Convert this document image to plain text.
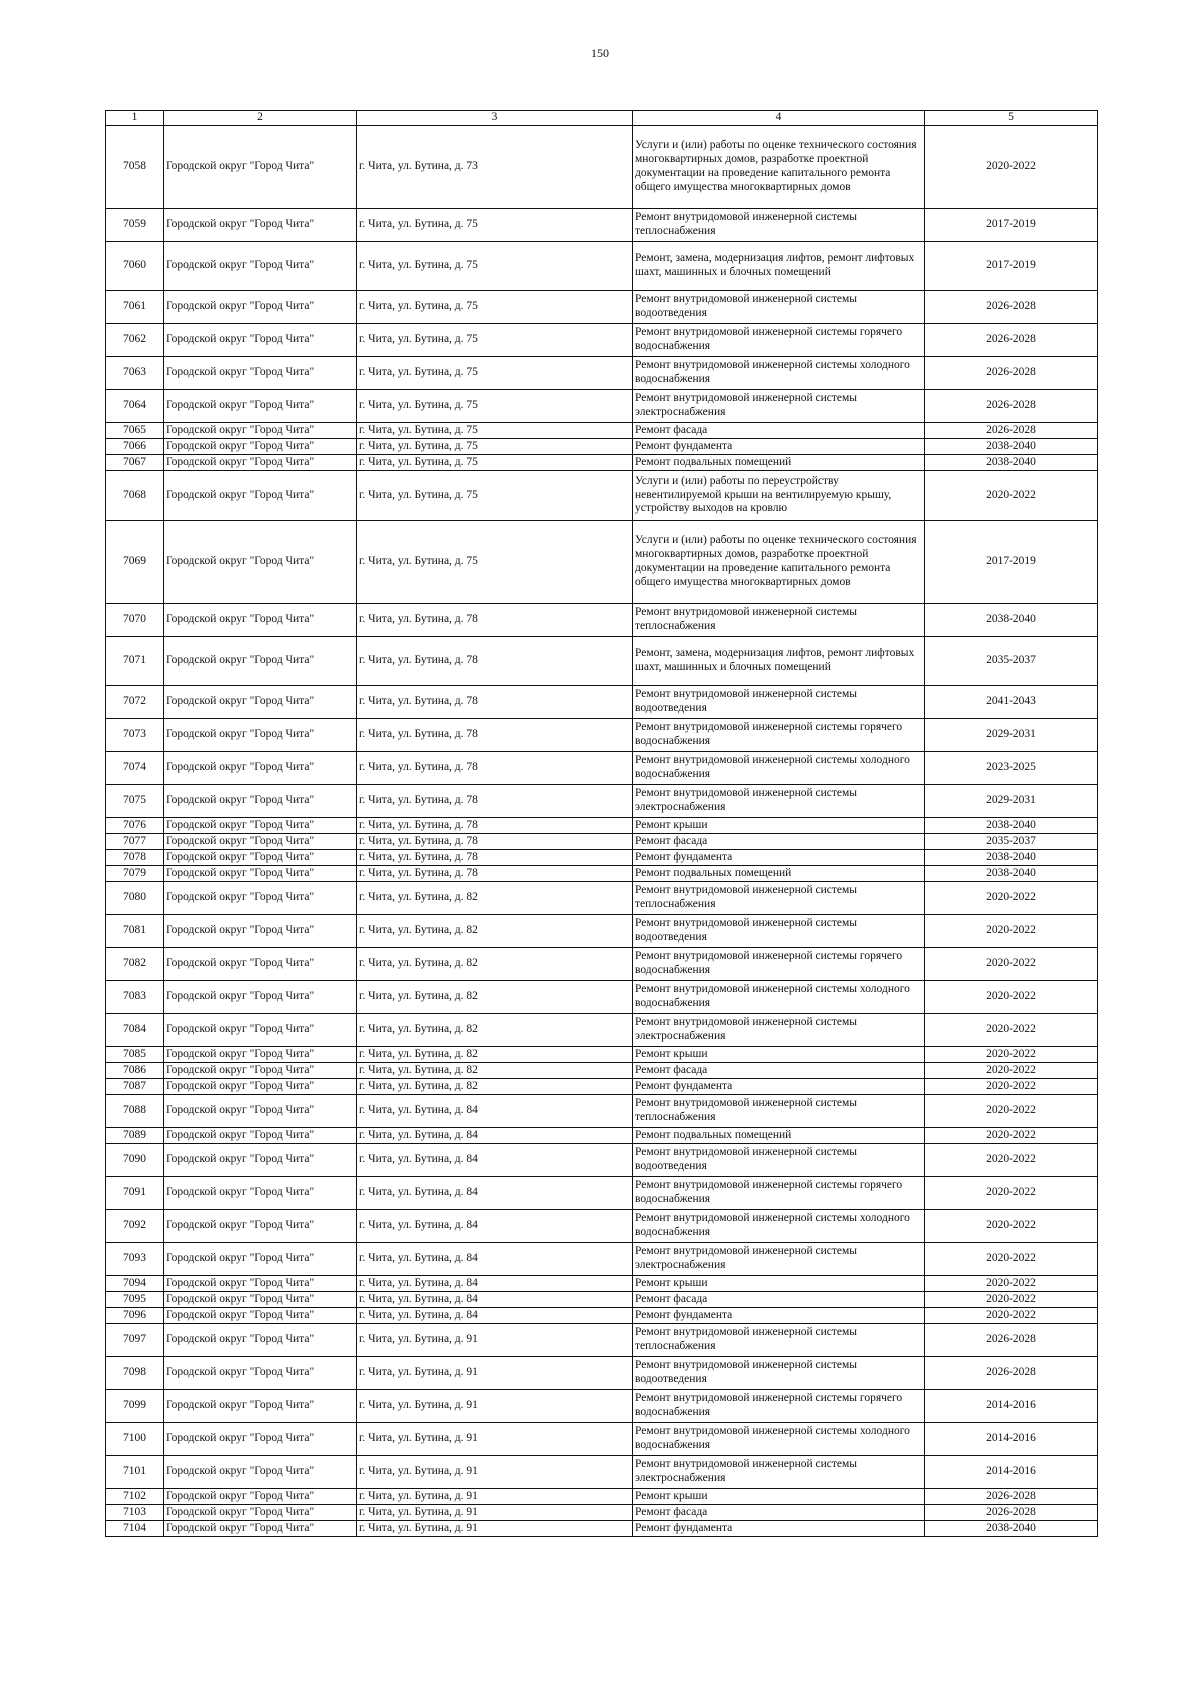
150
1	2	3	4	5
7058	Городской округ "Город Чита"	г. Чита, ул. Бутина, д. 73	Услуги и (или) работы по оценке технического состояния многоквартирных домов, разработке проектной документации на проведение капитального ремонта общего имущества многоквартирных домов	2020-2022
7059	Городской округ "Город Чита"	г. Чита, ул. Бутина, д. 75	Ремонт внутридомовой инженерной системы теплоснабжения	2017-2019
7060	Городской округ "Город Чита"	г. Чита, ул. Бутина, д. 75	Ремонт, замена, модернизация лифтов, ремонт лифтовых шахт, машинных и блочных помещений	2017-2019
7061	Городской округ "Город Чита"	г. Чита, ул. Бутина, д. 75	Ремонт внутридомовой инженерной системы водоотведения	2026-2028
7062	Городской округ "Город Чита"	г. Чита, ул. Бутина, д. 75	Ремонт внутридомовой инженерной системы горячего водоснабжения	2026-2028
7063	Городской округ "Город Чита"	г. Чита, ул. Бутина, д. 75	Ремонт внутридомовой инженерной системы холодного водоснабжения	2026-2028
7064	Городской округ "Город Чита"	г. Чита, ул. Бутина, д. 75	Ремонт внутридомовой инженерной системы электроснабжения	2026-2028
7065	Городской округ "Город Чита"	г. Чита, ул. Бутина, д. 75	Ремонт фасада	2026-2028
7066	Городской округ "Город Чита"	г. Чита, ул. Бутина, д. 75	Ремонт фундамента	2038-2040
7067	Городской округ "Город Чита"	г. Чита, ул. Бутина, д. 75	Ремонт подвальных помещений	2038-2040
7068	Городской округ "Город Чита"	г. Чита, ул. Бутина, д. 75	Услуги и (или) работы по переустройству невентилируемой крыши на вентилируемую крышу, устройству выходов на кровлю	2020-2022
7069	Городской округ "Город Чита"	г. Чита, ул. Бутина, д. 75	Услуги и (или) работы по оценке технического состояния многоквартирных домов, разработке проектной документации на проведение капитального ремонта общего имущества многоквартирных домов	2017-2019
7070	Городской округ "Город Чита"	г. Чита, ул. Бутина, д. 78	Ремонт внутридомовой инженерной системы теплоснабжения	2038-2040
7071	Городской округ "Город Чита"	г. Чита, ул. Бутина, д. 78	Ремонт, замена, модернизация лифтов, ремонт лифтовых шахт, машинных и блочных помещений	2035-2037
7072	Городской округ "Город Чита"	г. Чита, ул. Бутина, д. 78	Ремонт внутридомовой инженерной системы водоотведения	2041-2043
7073	Городской округ "Город Чита"	г. Чита, ул. Бутина, д. 78	Ремонт внутридомовой инженерной системы горячего водоснабжения	2029-2031
7074	Городской округ "Город Чита"	г. Чита, ул. Бутина, д. 78	Ремонт внутридомовой инженерной системы холодного водоснабжения	2023-2025
7075	Городской округ "Город Чита"	г. Чита, ул. Бутина, д. 78	Ремонт внутридомовой инженерной системы электроснабжения	2029-2031
7076	Городской округ "Город Чита"	г. Чита, ул. Бутина, д. 78	Ремонт крыши	2038-2040
7077	Городской округ "Город Чита"	г. Чита, ул. Бутина, д. 78	Ремонт фасада	2035-2037
7078	Городской округ "Город Чита"	г. Чита, ул. Бутина, д. 78	Ремонт фундамента	2038-2040
7079	Городской округ "Город Чита"	г. Чита, ул. Бутина, д. 78	Ремонт подвальных помещений	2038-2040
7080	Городской округ "Город Чита"	г. Чита, ул. Бутина, д. 82	Ремонт внутридомовой инженерной системы теплоснабжения	2020-2022
7081	Городской округ "Город Чита"	г. Чита, ул. Бутина, д. 82	Ремонт внутридомовой инженерной системы водоотведения	2020-2022
7082	Городской округ "Город Чита"	г. Чита, ул. Бутина, д. 82	Ремонт внутридомовой инженерной системы горячего водоснабжения	2020-2022
7083	Городской округ "Город Чита"	г. Чита, ул. Бутина, д. 82	Ремонт внутридомовой инженерной системы холодного водоснабжения	2020-2022
7084	Городской округ "Город Чита"	г. Чита, ул. Бутина, д. 82	Ремонт внутридомовой инженерной системы электроснабжения	2020-2022
7085	Городской округ "Город Чита"	г. Чита, ул. Бутина, д. 82	Ремонт крыши	2020-2022
7086	Городской округ "Город Чита"	г. Чита, ул. Бутина, д. 82	Ремонт фасада	2020-2022
7087	Городской округ "Город Чита"	г. Чита, ул. Бутина, д. 82	Ремонт фундамента	2020-2022
7088	Городской округ "Город Чита"	г. Чита, ул. Бутина, д. 84	Ремонт внутридомовой инженерной системы теплоснабжения	2020-2022
7089	Городской округ "Город Чита"	г. Чита, ул. Бутина, д. 84	Ремонт подвальных помещений	2020-2022
7090	Городской округ "Город Чита"	г. Чита, ул. Бутина, д. 84	Ремонт внутридомовой инженерной системы водоотведения	2020-2022
7091	Городской округ "Город Чита"	г. Чита, ул. Бутина, д. 84	Ремонт внутридомовой инженерной системы горячего водоснабжения	2020-2022
7092	Городской округ "Город Чита"	г. Чита, ул. Бутина, д. 84	Ремонт внутридомовой инженерной системы холодного водоснабжения	2020-2022
7093	Городской округ "Город Чита"	г. Чита, ул. Бутина, д. 84	Ремонт внутридомовой инженерной системы электроснабжения	2020-2022
7094	Городской округ "Город Чита"	г. Чита, ул. Бутина, д. 84	Ремонт крыши	2020-2022
7095	Городской округ "Город Чита"	г. Чита, ул. Бутина, д. 84	Ремонт фасада	2020-2022
7096	Городской округ "Город Чита"	г. Чита, ул. Бутина, д. 84	Ремонт фундамента	2020-2022
7097	Городской округ "Город Чита"	г. Чита, ул. Бутина, д. 91	Ремонт внутридомовой инженерной системы теплоснабжения	2026-2028
7098	Городской округ "Город Чита"	г. Чита, ул. Бутина, д. 91	Ремонт внутридомовой инженерной системы водоотведения	2026-2028
7099	Городской округ "Город Чита"	г. Чита, ул. Бутина, д. 91	Ремонт внутридомовой инженерной системы горячего водоснабжения	2014-2016
7100	Городской округ "Город Чита"	г. Чита, ул. Бутина, д. 91	Ремонт внутридомовой инженерной системы холодного водоснабжения	2014-2016
7101	Городской округ "Город Чита"	г. Чита, ул. Бутина, д. 91	Ремонт внутридомовой инженерной системы электроснабжения	2014-2016
7102	Городской округ "Город Чита"	г. Чита, ул. Бутина, д. 91	Ремонт крыши	2026-2028
7103	Городской округ "Город Чита"	г. Чита, ул. Бутина, д. 91	Ремонт фасада	2026-2028
7104	Городской округ "Город Чита"	г. Чита, ул. Бутина, д. 91	Ремонт фундамента	2038-2040
